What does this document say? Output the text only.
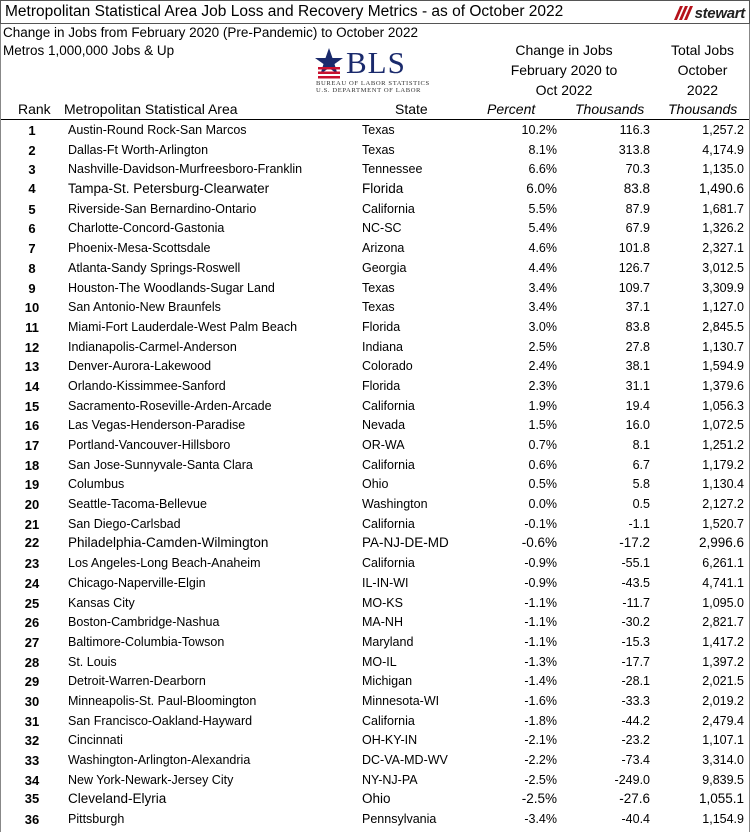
Metropolitan Statistical Area Job Loss and Recovery Metrics - as of October 2022	stewart
Change in Jobs from February 2020 (Pre-Pandemic) to October 2022
Metros 1,000,000 Jobs & Up	BLS
BUREAU OF LABOR STATISTICS
U.S. DEPARTMENT OF LABOR
Change in Jobs
February 2020 to
Oct 2022
Total Jobs
October
2022
Rank Metropolitan Statistical Area	State	Percent	Thousands Thousands
1	Austin-Round Rock-San Marcos	Texas	10.2%	116.3	1,257.2
2	Dallas-Ft Worth-Arlington	Texas	8.1%	313.8	4,174.9
3	Nashville-Davidson-Murfreesboro-Franklin	Tennessee	6.6%	70.3	1,135.0
4	Tampa-St. Petersburg-Clearwater	Florida	6.0%	83.8	1,490.6
5	Riverside-San Bernardino-Ontario	California	5.5%	87.9	1,681.7
6	Charlotte-Concord-Gastonia	NC-SC	5.4%	67.9	1,326.2
7	Phoenix-Mesa-Scottsdale	Arizona	4.6%	101.8	2,327.1
8	Atlanta-Sandy Springs-Roswell	Georgia	4.4%	126.7	3,012.5
9	Houston-The Woodlands-Sugar Land	Texas	3.4%	109.7	3,309.9
10 San Antonio-New Braunfels	Texas	3.4%	37.1	1,127.0
11 Miami-Fort Lauderdale-West Palm Beach	Florida	3.0%	83.8	2,845.5
12 Indianapolis-Carmel-Anderson	Indiana	2.5%	27.8	1,130.7
13 Denver-Aurora-Lakewood	Colorado	2.4%	38.1	1,594.9
14 Orlando-Kissimmee-Sanford	Florida	2.3%	31.1	1,379.6
15 Sacramento-Roseville-Arden-Arcade	California	1.9%	19.4	1,056.3
16 Las Vegas-Henderson-Paradise	Nevada	1.5%	16.0	1,072.5
17 Portland-Vancouver-Hillsboro	OR-WA	0.7%	8.1	1,251.2
18 San Jose-Sunnyvale-Santa Clara	California	0.6%	6.7	1,179.2
19 Columbus	Ohio	0.5%	5.8	1,130.4
20 Seattle-Tacoma-Bellevue	Washington	0.0%	0.5	2,127.2
21 San Diego-Carlsbad	California	-0.1%	-1.1	1,520.7
22 Philadelphia-Camden-Wilmington	PA-NJ-DE-MD	-0.6%	-17.2	2,996.6
23 Los Angeles-Long Beach-Anaheim	California	-0.9%	-55.1	6,261.1
24 Chicago-Naperville-Elgin	IL-IN-WI	-0.9%	-43.5	4,741.1
25 Kansas City	MO-KS	-1.1%	-11.7	1,095.0
26 Boston-Cambridge-Nashua	MA-NH	-1.1%	-30.2	2,821.7
27 Baltimore-Columbia-Towson	Maryland	-1.1%	-15.3	1,417.2
28 St. Louis	MO-IL	-1.3%	-17.7	1,397.2
29 Detroit-Warren-Dearborn	Michigan	-1.4%	-28.1	2,021.5
30 Minneapolis-St. Paul-Bloomington	Minnesota-WI	-1.6%	-33.3	2,019.2
31 San Francisco-Oakland-Hayward	California	-1.8%	-44.2	2,479.4
32 Cincinnati	OH-KY-IN	-2.1%	-23.2	1,107.1
33 Washington-Arlington-Alexandria	DC-VA-MD-WV	-2.2%	-73.4	3,314.0
34 New York-Newark-Jersey City	NY-NJ-PA	-2.5%	-249.0	9,839.5
35 Cleveland-Elyria	Ohio	-2.5%	-27.6	1,055.1
36 Pittsburgh	Pennsylvania	-3.4%	-40.4	1,154.9
